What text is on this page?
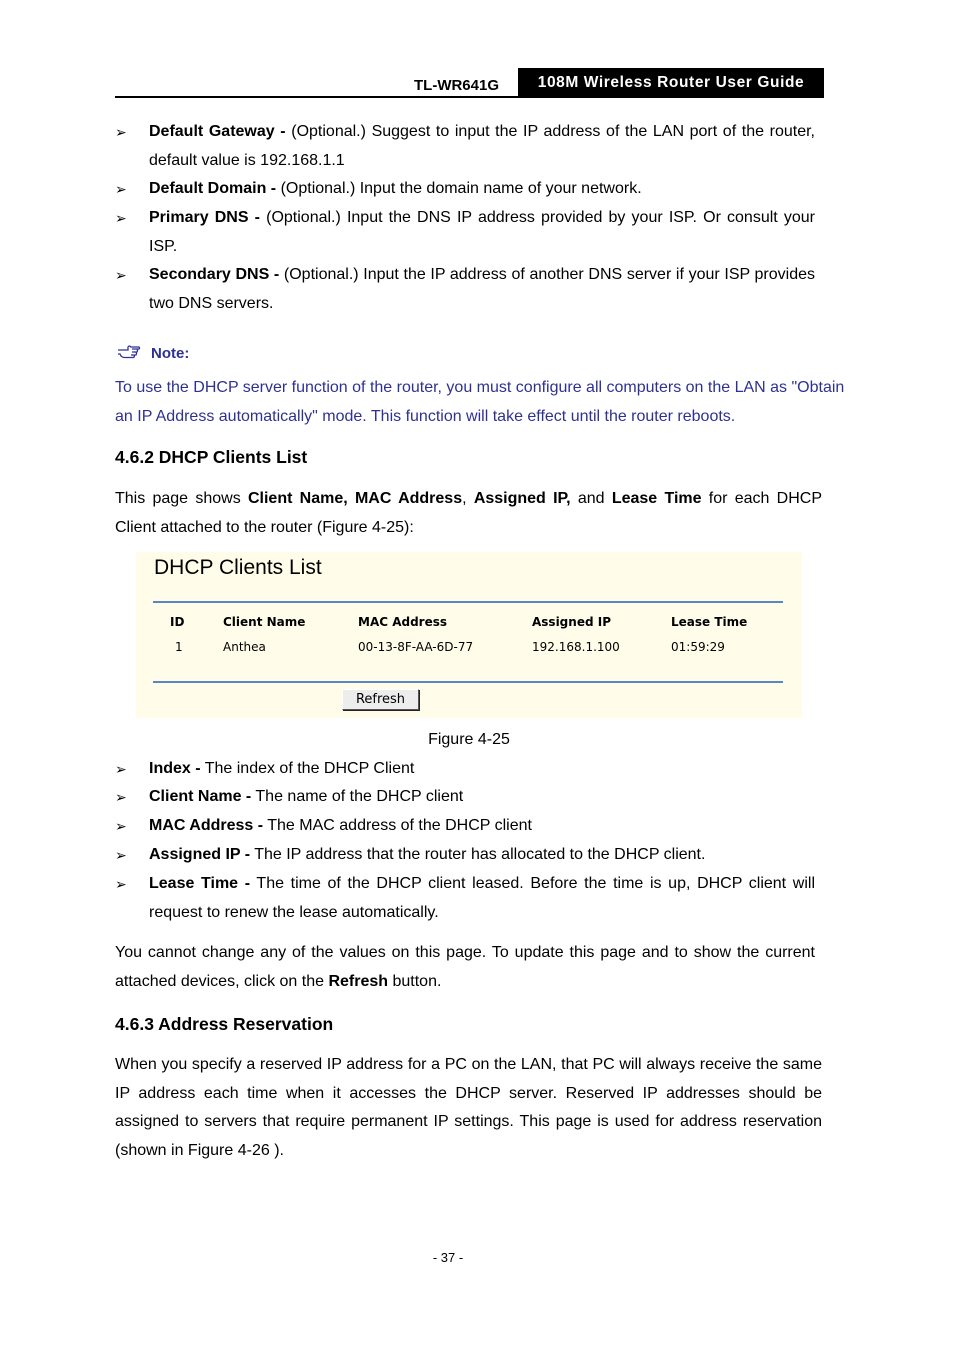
TL-WR641G	108M Wireless Router User Guide
➢ Default Gateway - (Optional.) Suggest to input the IP address of the LAN port of the router, default value is 192.168.1.1
➢ Default Domain - (Optional.) Input the domain name of your network.
➢ Primary DNS - (Optional.) Input the DNS IP address provided by your ISP. Or consult your ISP.
➢ Secondary DNS - (Optional.) Input the IP address of another DNS server if your ISP provides two DNS servers.
Note:
To use the DHCP server function of the router, you must configure all computers on the LAN as "Obtain an IP Address automatically" mode. This function will take effect until the router reboots.
4.6.2 DHCP Clients List
This page shows Client Name, MAC Address, Assigned IP, and Lease Time for each DHCP Client attached to the router (Figure 4-25):
DHCP Clients List
ID	Client Name	MAC Address	Assigned IP	Lease Time
1	Anthea	00-13-8F-AA-6D-77	192.168.1.100	01:59:29
Refresh
Figure 4-25
➢ Index - The index of the DHCP Client
➢ Client Name - The name of the DHCP client
➢ MAC Address - The MAC address of the DHCP client
➢ Assigned IP - The IP address that the router has allocated to the DHCP client.
➢ Lease Time - The time of the DHCP client leased. Before the time is up, DHCP client will request to renew the lease automatically.
You cannot change any of the values on this page. To update this page and to show the current attached devices, click on the Refresh button.
4.6.3 Address Reservation
When you specify a reserved IP address for a PC on the LAN, that PC will always receive the same IP address each time when it accesses the DHCP server. Reserved IP addresses should be assigned to servers that require permanent IP settings. This page is used for address reservation (shown in Figure 4-26 ).
- 37 -
